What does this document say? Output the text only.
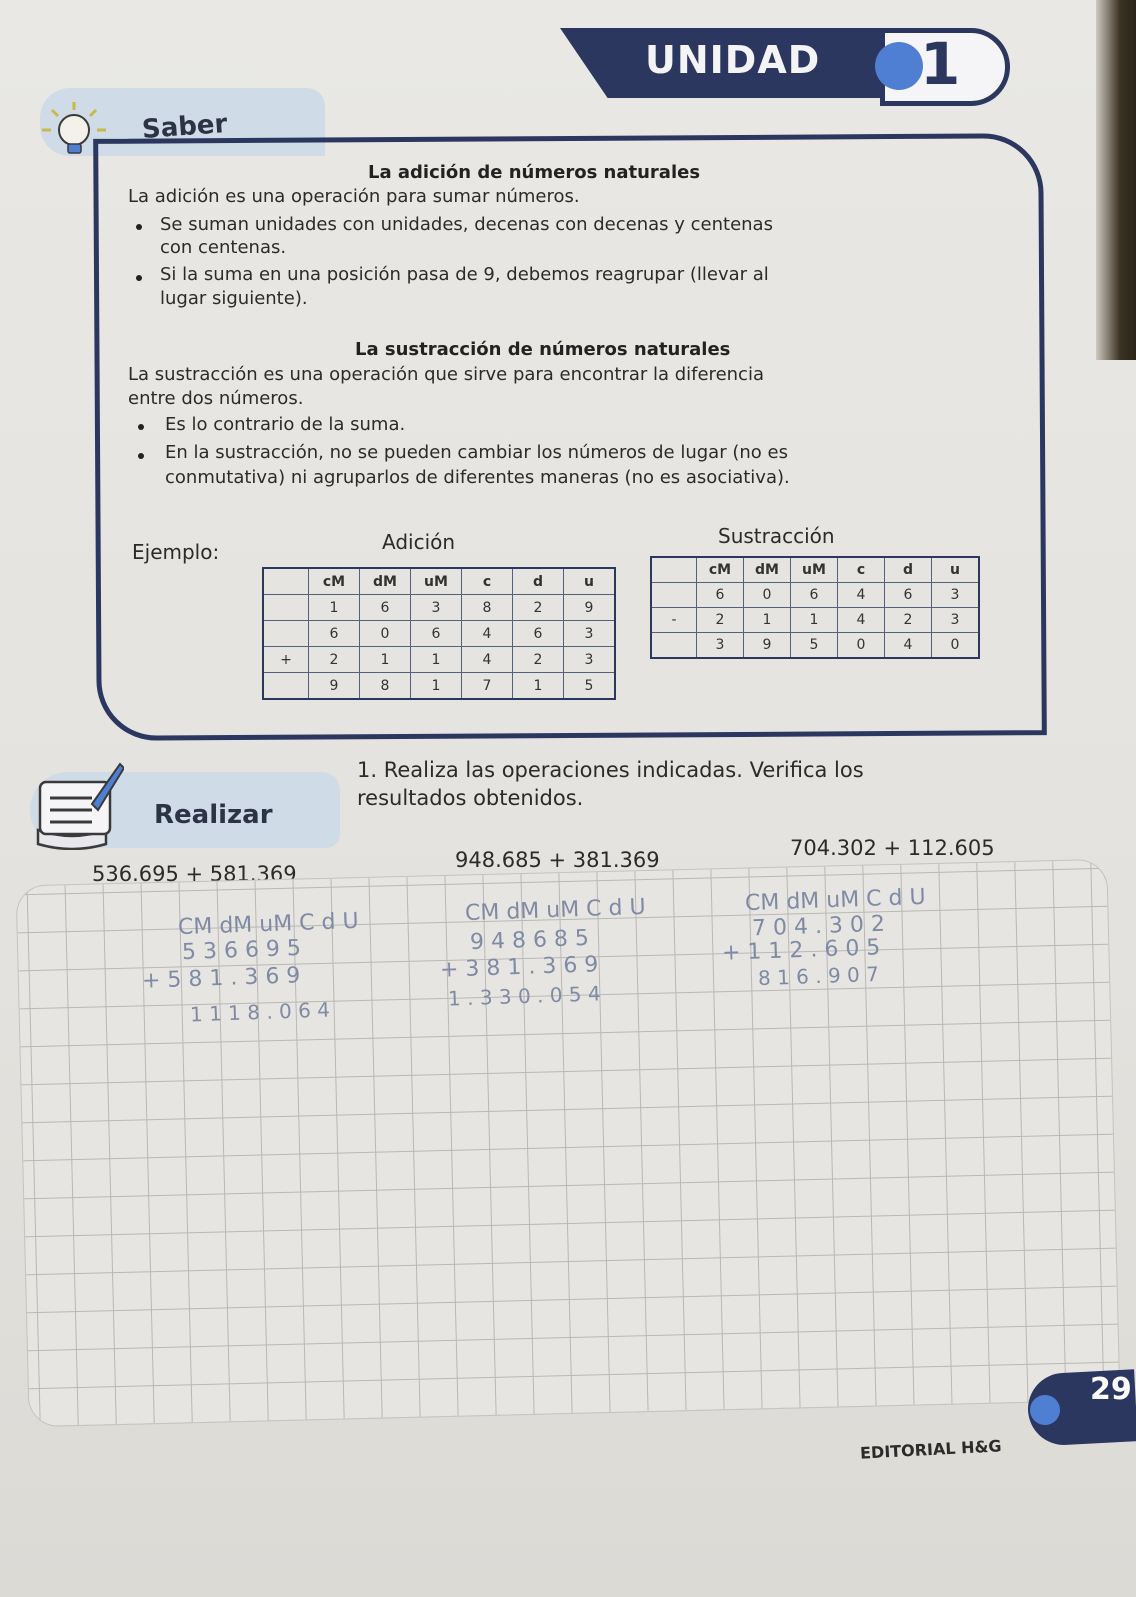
UNIDAD 1
Saber
La adición de números naturales
La adición es una operación para sumar números.
Se suman unidades con unidades, decenas con decenas y centenas
con centenas.
Si la suma en una posición pasa de 9, debemos reagrupar (llevar al
lugar siguiente).
La sustracción de números naturales
La sustracción es una operación que sirve para encontrar la diferencia
entre dos números.
Es lo contrario de la suma.
En la sustracción, no se pueden cambiar los números de lugar (no es
conmutativa) ni agruparlos de diferentes maneras (no es asociativa).
Ejemplo:	Adición	Sustracción
	cM	dM	uM	c	d	u
	1	6	3	8	2	9
	6	0	6	4	6	3
+	2	1	1	4	2	3
	9	8	1	7	1	5
	cM	dM	uM	c	d	u
	6	0	6	4	6	3
-	2	1	1	4	2	3
	3	9	5	0	4	0
Realizar
1. Realiza las operaciones indicadas. Verifica los
resultados obtenidos.
536.695 + 581.369
948.685 + 381.369	704.302 + 112.605
CM dM uM C d U
5 3 6 6 9 5
+ 5 8 1 . 3 6 9
1 1 1 8 . 0 6 4
CM dM uM C d U
9 4 8 6 8 5
+ 3 8 1 . 3 6 9
1 . 3 3 0 . 0 5 4
CM dM uM C d U
7 0 4 . 3 0 2
+ 1 1 2 . 6 0 5
8 1 6 . 9 0 7
EDITORIAL H&G
29
